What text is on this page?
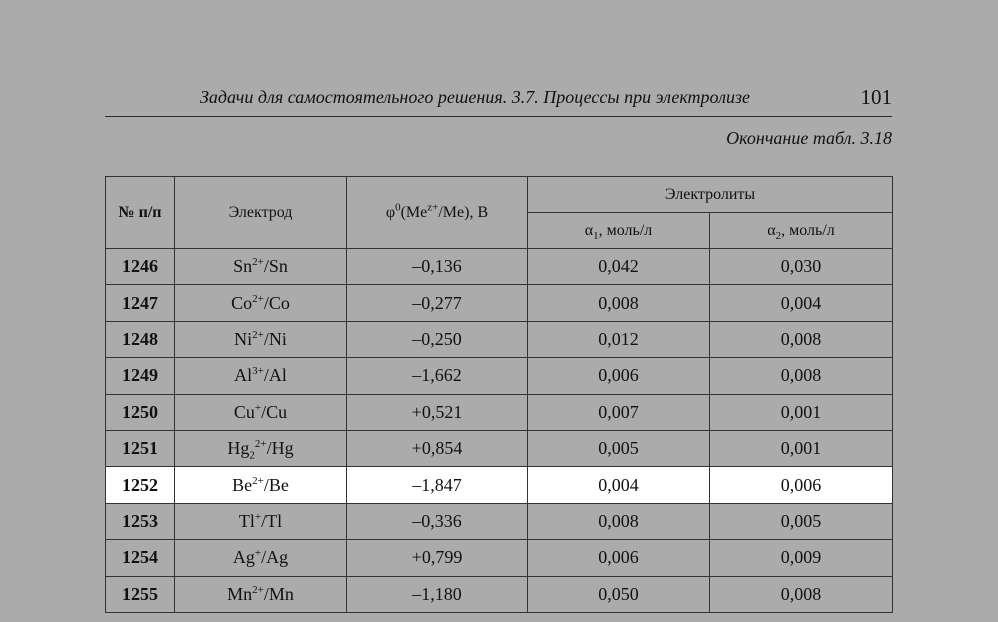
Задачи для самостоятельного решения. 3.7. Процессы при электролизе	101
Окончание табл. 3.18
№ п/п	Электрод	$\varphi^0(Me^{z+}/Me)$, В	Электролиты	
			$\alpha_1$, моль/л	$\alpha_2$, моль/л
1246	$Sn^{2+}/Sn$	–0,136	0,042	0,030
1247	$Co^{2+}/Co$	–0,277	0,008	0,004
1248	$Ni^{2+}/Ni$	–0,250	0,012	0,008
1249	$Al^{3+}/Al$	–1,662	0,006	0,008
1250	Cu+/Cu	+0,521	0,007	0,001
1251	$Hg_2^{2+}/Hg$	+0,854	0,005	0,001
1252	$Be^{2+}/Be$	–1,847	0,004	0,006
1253	Tl+/Tl	–0,336	0,008	0,005
1254	Ag+/Ag	+0,799	0,006	0,009
1255	$Mn^{2+}/Mn$	–1,180	0,050	0,008
